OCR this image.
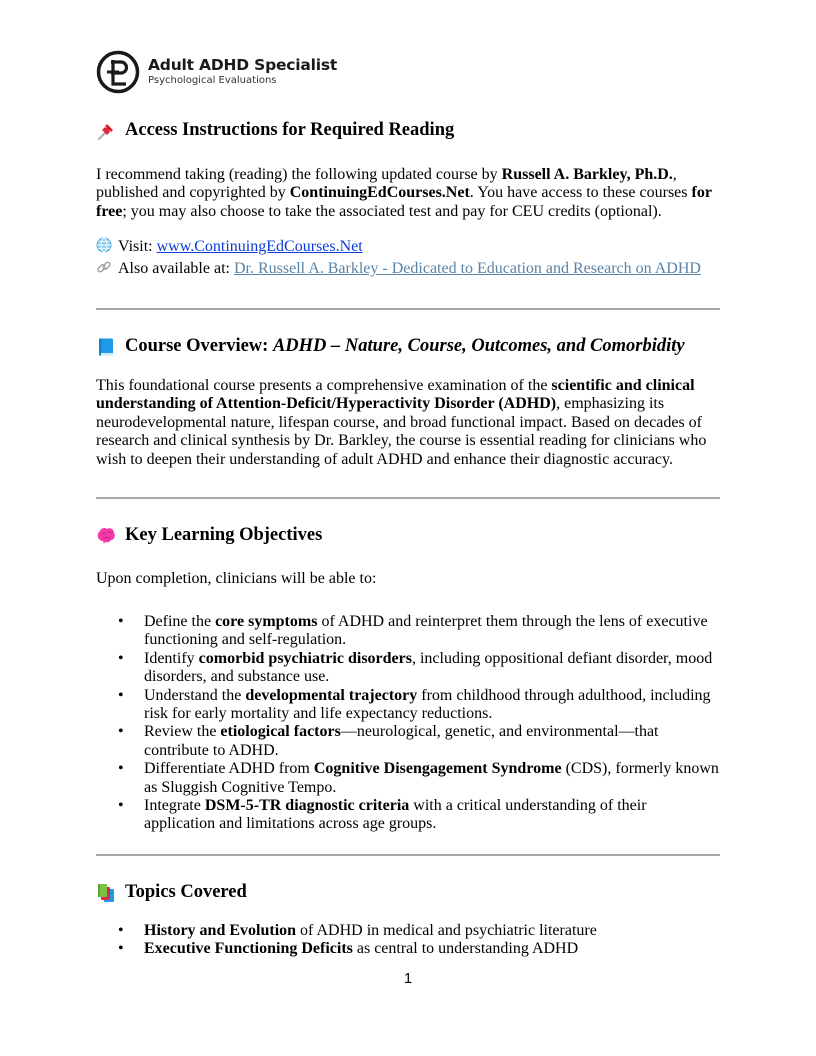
Adult ADHD Specialist
Psychological Evaluations
Access Instructions for Required Reading

I recommend taking (reading) the following updated course by Russell A. Barkley, Ph.D., published and copyrighted by ContinuingEdCourses.Net. You have access to these courses for free; you may also choose to take the associated test and pay for CEU credits (optional).

Visit: www.ContinuingEdCourses.Net
Also available at: Dr. Russell A. Barkley - Dedicated to Education and Research on ADHD
Course Overview:
ADHD – Nature, Course, Outcomes, and Comorbidity

This foundational course presents a comprehensive examination of the scientific and clinical understanding of Attention-Deficit/Hyperactivity Disorder (ADHD), emphasizing its neurodevelopmental nature, lifespan course, and broad functional impact. Based on decades of research and clinical synthesis by Dr. Barkley, the course is essential reading for clinicians who wish to deepen their understanding of adult ADHD and enhance their diagnostic accuracy.

Key Learning Objectives

Upon completion, clinicians will be able to:

• Define the core symptoms of ADHD and reinterpret them through the lens of executive functioning and self-regulation.
• Identify comorbid psychiatric disorders, including oppositional defiant disorder, mood disorders, and substance use.
• Understand the developmental trajectory from childhood through adulthood, including risk for early mortality and life expectancy reductions.
• Review the etiological factors—neurological, genetic, and environmental—that contribute to ADHD.
• Differentiate ADHD from Cognitive Disengagement Syndrome (CDS), formerly known as Sluggish Cognitive Tempo.
• Integrate DSM-5-TR diagnostic criteria with a critical understanding of their application and limitations across age groups.
Topics Covered
• History and Evolution of ADHD in medical and psychiatric literature
• Executive Functioning Deficits as central to understanding ADHD
1
